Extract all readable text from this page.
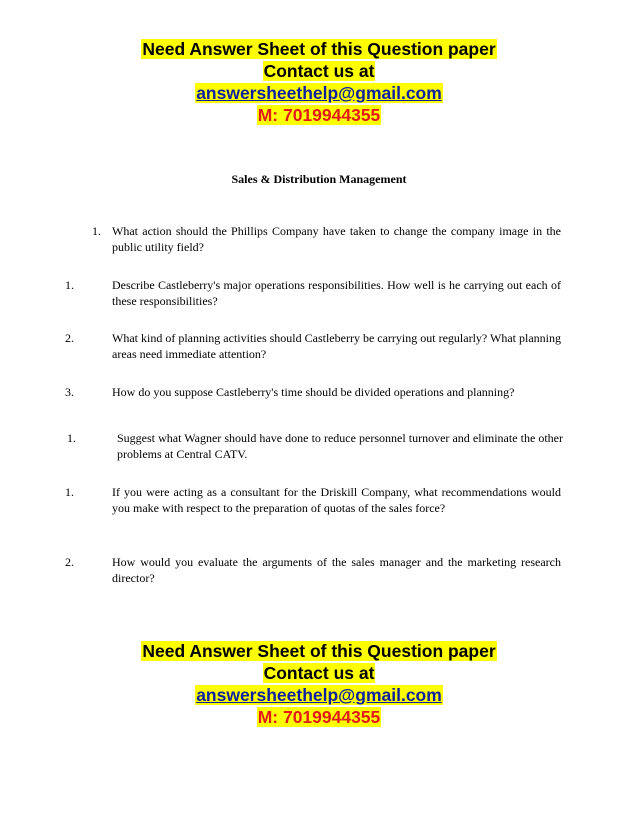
Need Answer Sheet of this Question paper
Contact us at
answersheethelp@gmail.com
M: 7019944355
Sales & Distribution Management
1. What action should the Phillips Company have taken to change the company image in the public utility field?
1.	Describe Castleberry's major operations responsibilities. How well is he carrying out each of these responsibilities?
2.	What kind of planning activities should Castleberry be carrying out regularly? What planning areas need immediate attention?
3.	How do you suppose Castleberry's time should be divided operations and planning?
1.	Suggest what Wagner should have done to reduce personnel turnover and eliminate the other problems at Central CATV.
1.	If you were acting as a consultant for the Driskill Company, what recommendations would you make with respect to the preparation of quotas of the sales force?
2.	How would you evaluate the arguments of the sales manager and the marketing research director?
Need Answer Sheet of this Question paper
Contact us at
answersheethelp@gmail.com
M: 7019944355
